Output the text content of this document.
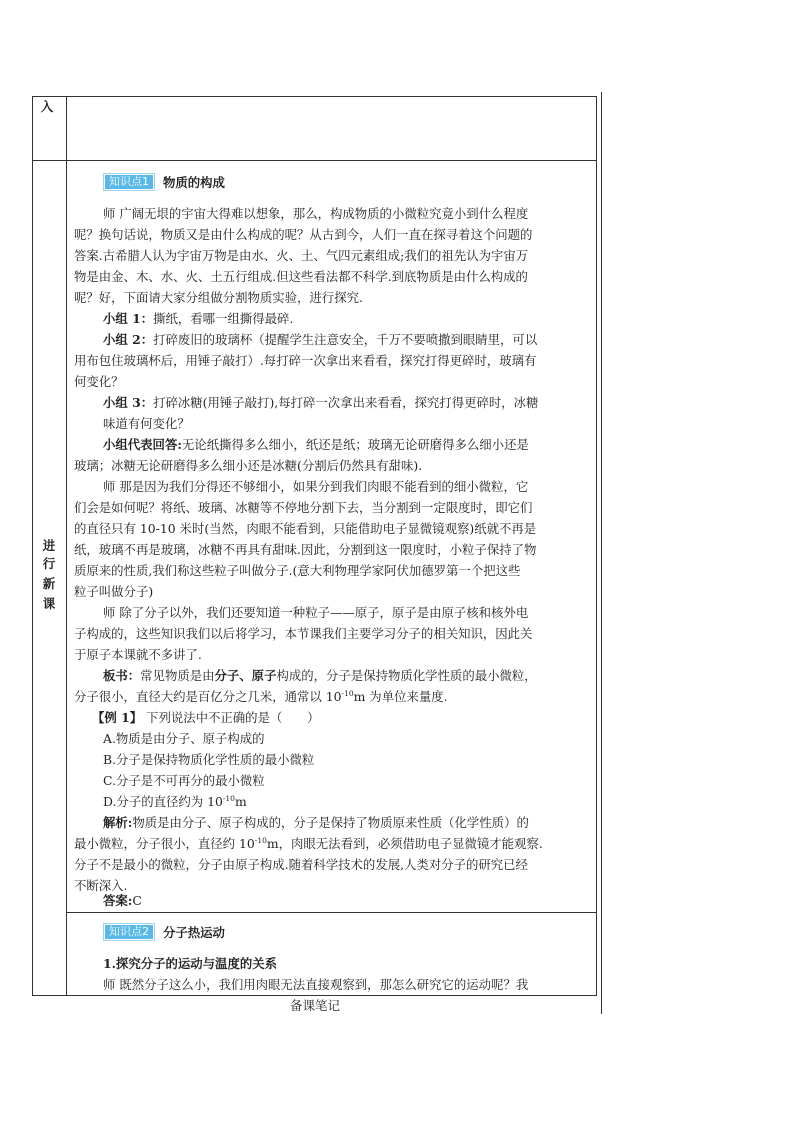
入
进
行
新
课
知识点1	物质的构成
师 广阔无垠的宇宙大得难以想象，那么，构成物质的小微粒究竟小到什么程度
呢？换句话说，物质又是由什么构成的呢？从古到今，人们一直在探寻着这个问题的
答案.古希腊人认为宇宙万物是由水、火、土、气四元素组成;我们的祖先认为宇宙万
物是由金、木、水、火、土五行组成.但这些看法都不科学.到底物质是由什么构成的
呢？好，下面请大家分组做分割物质实验，进行探究.
小组 1：撕纸，看哪一组撕得最碎.
小组 2：打碎废旧的玻璃杯（提醒学生注意安全，千万不要喷撒到眼睛里，可以
用布包住玻璃杯后，用锤子敲打）.每打碎一次拿出来看看，探究打得更碎时，玻璃有
何变化？
小组 3：打碎冰糖(用锤子敲打),每打碎一次拿出来看看，探究打得更碎时，冰糖
味道有何变化？
小组代表回答:无论纸撕得多么细小，纸还是纸；玻璃无论研磨得多么细小还是
玻璃；冰糖无论研磨得多么细小还是冰糖(分割后仍然具有甜味).
师 那是因为我们分得还不够细小，如果分到我们肉眼不能看到的细小微粒，它
们会是如何呢？将纸、玻璃、冰糖等不停地分割下去，当分割到一定限度时，即它们
的直径只有 10-10 米时(当然，肉眼不能看到，只能借助电子显微镜观察)纸就不再是
纸，玻璃不再是玻璃，冰糖不再具有甜味.因此，分割到这一限度时，小粒子保持了物
质原来的性质,我们称这些粒子叫做分子.(意大利物理学家阿伏加德罗第一个把这些
粒子叫做分子)
师 除了分子以外，我们还要知道一种粒子——原子，原子是由原子核和核外电
子构成的，这些知识我们以后将学习，本节课我们主要学习分子的相关知识，因此关
于原子本课就不多讲了.
板书：常见物质是由分子、原子构成的，分子是保持物质化学性质的最小微粒，
分子很小，直径大约是百亿分之几米，通常以 $10^{-10}m$ 为单位来量度.
【例 1】 下列说法中不正确的是（　　）
A.物质是由分子、原子构成的
B.分子是保持物质化学性质的最小微粒
C.分子是不可再分的最小微粒
D.分子的直径约为 $10^{-10}m$
解析:物质是由分子、原子构成的，分子是保持了物质原来性质（化学性质）的
最小微粒，分子很小，直径约 $10^{-10}m$，肉眼无法看到，必须借助电子显微镜才能观察.
分子不是最小的微粒，分子由原子构成.随着科学技术的发展,人类对分子的研究已经
不断深入.
答案:C
知识点2	分子热运动
1.探究分子的运动与温度的关系
师 既然分子这么小，我们用肉眼无法直接观察到，那怎么研究它的运动呢？我
备课笔记
